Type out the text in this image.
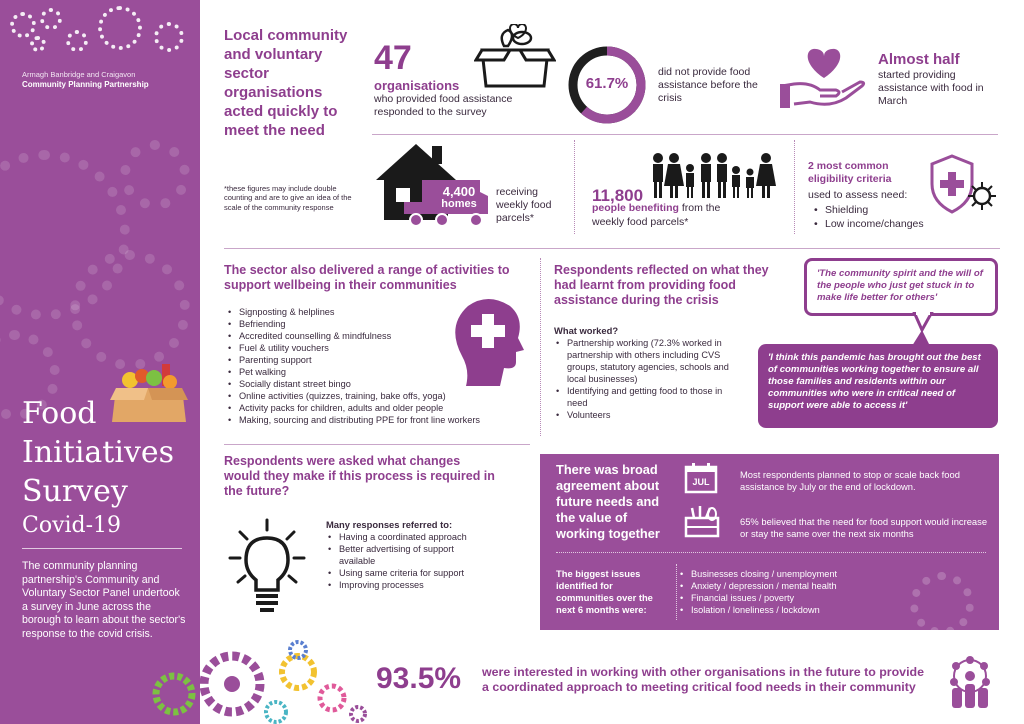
Armagh Banbridge and Craigavon
Community Planning Partnership
Food
Initiatives
Survey
Covid-19
The community planning partnership's Community and Voluntary Sector Panel undertook a survey in June across the borough to learn about the sector's response to the covid crisis.
Local community and voluntary sector organisations acted quickly to meet the need
*these figures may include double counting and are to give an idea of the scale of the community response
47
organisations
who provided food assistance responded to the survey
61.7%
did not provide food assistance before the crisis
Almost half
started providing assistance with food in March
4,400
homes
receiving weekly food parcels*
11,800
people benefiting from the
weekly food parcels*
2 most common eligibility criteria
used to assess need:
• Shielding
• Low income/changes
The sector also delivered a range of activities to support wellbeing in their communities
• Signposting & helplines
• Befriending
• Accredited counselling & mindfulness
• Fuel & utility vouchers
• Parenting support
• Pet walking
• Socially distant street bingo
• Online activities (quizzes, training, bake offs, yoga)
• Activity packs for children, adults and older people
• Making, sourcing and distributing PPE for front line workers
Respondents reflected on what they had learnt from providing food assistance during the crisis
What worked?
• Partnership working (72.3% worked in partnership with others including CVS groups, statutory agencies, schools and local businesses)
• Identifying and getting food to those in need
• Volunteers
'The community spirit and the will of the people who just get stuck in to make life better for others'
'I think this pandemic has brought out the best of communities working together to ensure all those families and residents within our communities who were in critical need of support were able to access it'
Respondents were asked what changes would they make if this process is required in the future?
Many responses referred to:
• Having a coordinated approach
• Better advertising of support available
• Using same criteria for support
• Improving processes
There was broad agreement about future needs and the value of working together
JUL
Most respondents planned to stop or scale back food assistance by July or the end of lockdown.
65% believed that the need for food support would increase or stay the same over the next six months
The biggest issues identified for communities over the next 6 months were:
• Businesses closing / unemployment
• Anxiety / depression / mental health
• Financial issues / poverty
• Isolation / loneliness / lockdown
93.5% were interested in working with other organisations in the future to provide a coordinated approach to meeting critical food needs in their community
